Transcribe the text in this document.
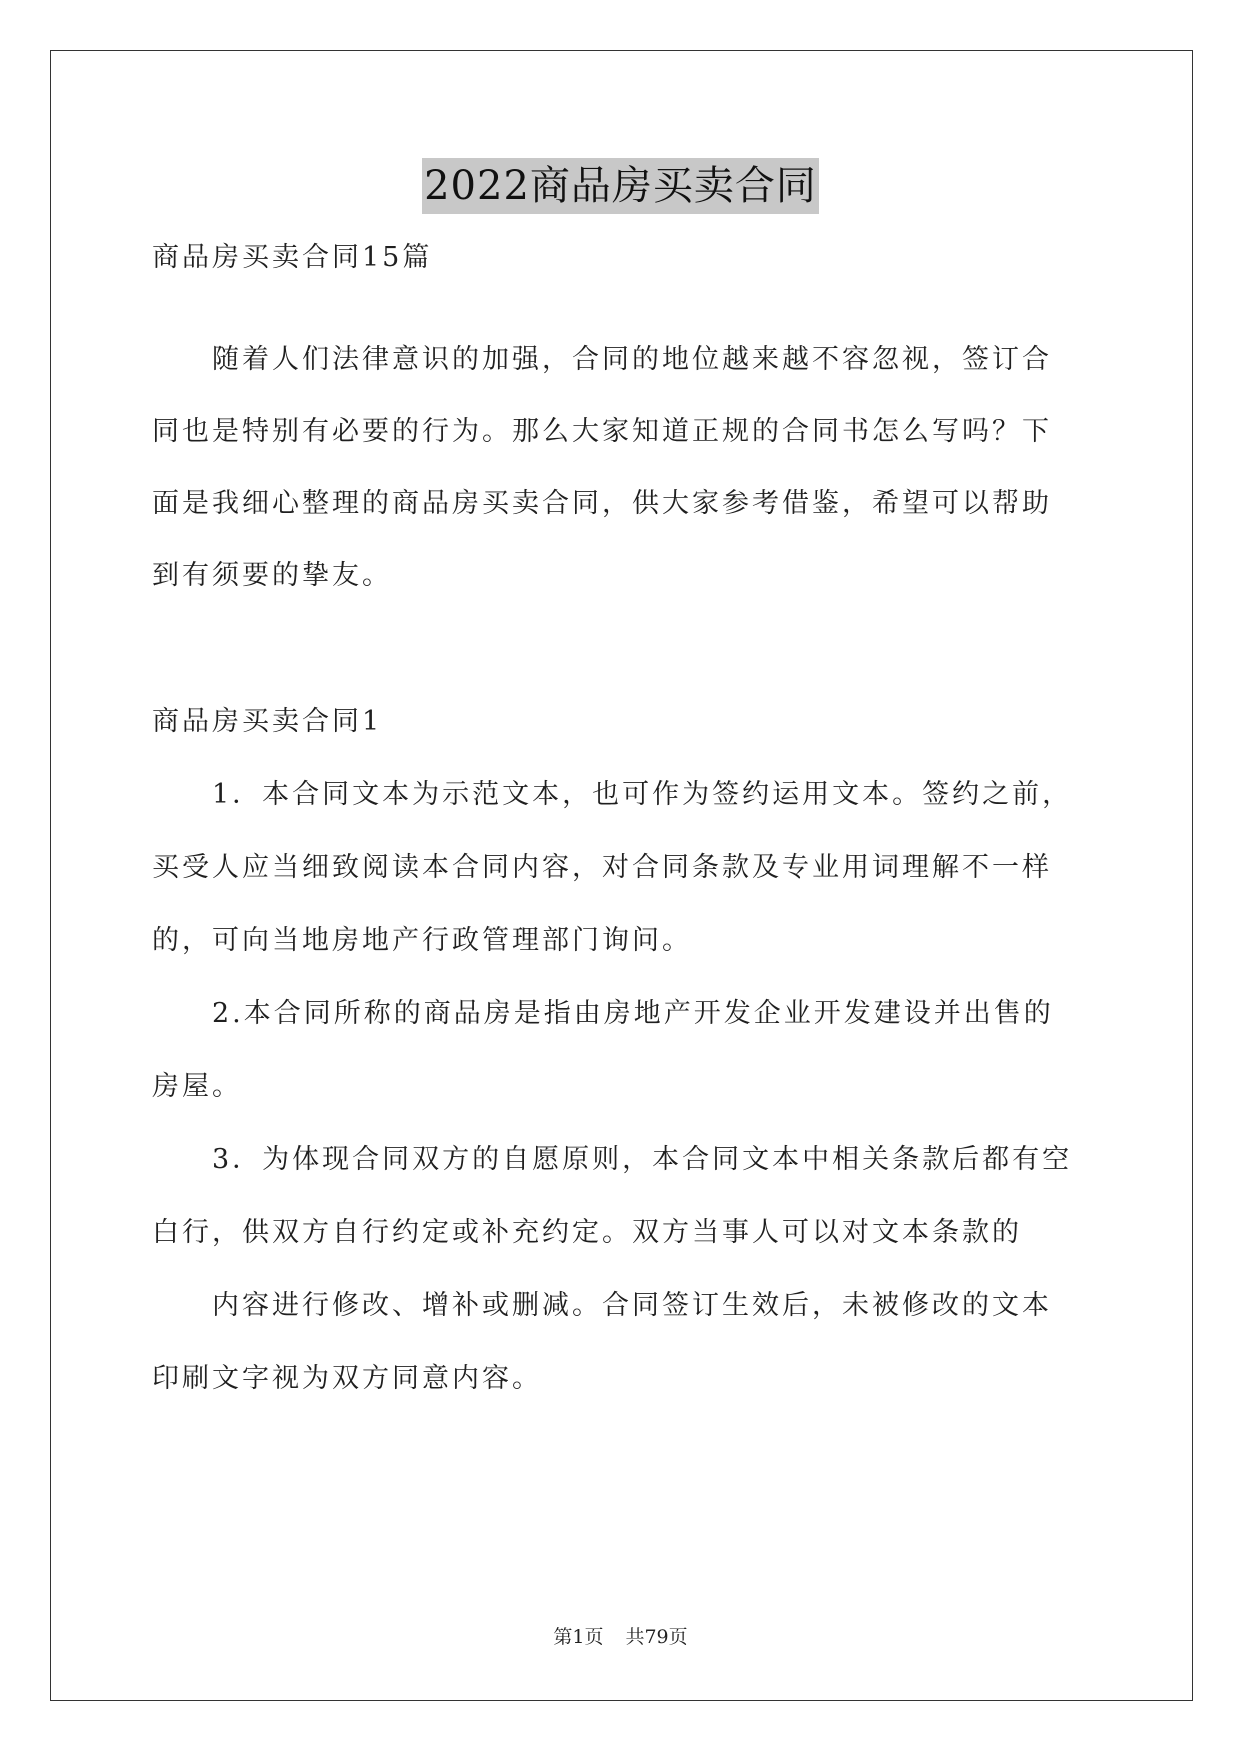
2022商品房买卖合同
商品房买卖合同15篇
随着人们法律意识的加强，合同的地位越来越不容忽视，签订合
同也是特别有必要的行为。那么大家知道正规的合同书怎么写吗？下
面是我细心整理的商品房买卖合同，供大家参考借鉴，希望可以帮助
到有须要的挚友。
商品房买卖合同1
1．本合同文本为示范文本，也可作为签约运用文本。签约之前，
买受人应当细致阅读本合同内容，对合同条款及专业用词理解不一样
的，可向当地房地产行政管理部门询问。
2.本合同所称的商品房是指由房地产开发企业开发建设并出售的
房屋。
3．为体现合同双方的自愿原则，本合同文本中相关条款后都有空
白行，供双方自行约定或补充约定。双方当事人可以对文本条款的
内容进行修改、增补或删减。合同签订生效后，未被修改的文本
印刷文字视为双方同意内容。
第1页 共79页
